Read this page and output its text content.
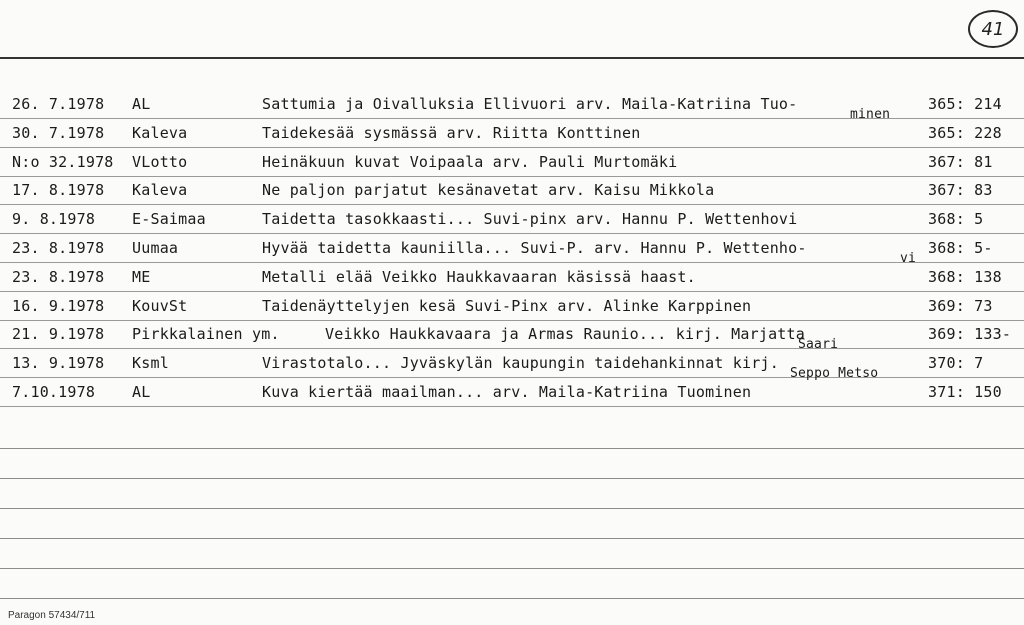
41
26. 7.1978 AL	Sattumia ja Oivalluksia Ellivuori arv. Maila-Katriina Tuo-	365: 214
minen
30. 7.1978 Kaleva	Taidekesää sysmässä arv. Riitta Konttinen	365: 228
N:o 32.1978 VLotto	Heinäkuun kuvat Voipaala arv. Pauli Murtomäki	367: 81
17. 8.1978 Kaleva	Ne paljon parjatut kesänavetat arv. Kaisu Mikkola	367: 83
9. 8.1978 E-Saimaa	Taidetta tasokkaasti... Suvi-pinx arv. Hannu P. Wettenhovi	368: 5
23. 8.1978 Uumaa	Hyvää taidetta kauniilla... Suvi-P. arv. Hannu P. Wettenho-	368: 5-
vi
23. 8.1978 ME	Metalli elää Veikko Haukkavaaran käsissä haast.	368: 138
16. 9.1978 KouvSt	Taidenäyttelyjen kesä Suvi-Pinx arv. Alinke Karppinen	369: 73
21. 9.1978 Pirkkalainen ym.	Veikko Haukkavaara ja Armas Raunio... kirj. Marjatta	369: 133-
Saari
13. 9.1978 Ksml	Virastotalo... Jyväskylän kaupungin taidehankinnat kirj.	370: 7
Seppo Metso
7.10.1978 AL	Kuva kiertää maailman... arv. Maila-Katriina Tuominen	371: 150
Paragon 57434/711
